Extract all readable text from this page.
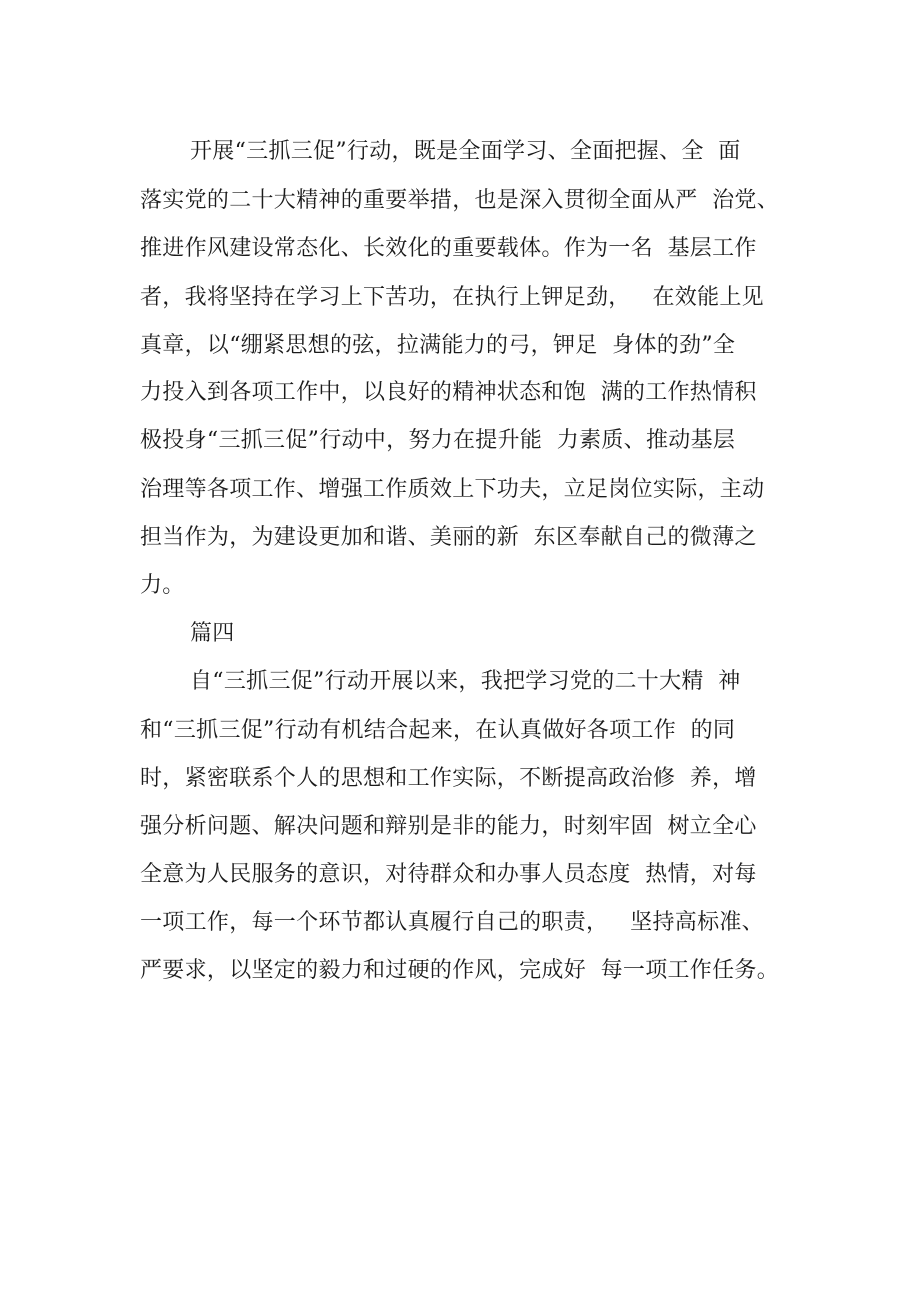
开展“三抓三促”行动，既是全面学习、全面把握、全  面
落实党的二十大精神的重要举措，也是深入贯彻全面从严  治党、
推进作风建设常态化、长效化的重要载体。作为一名  基层工作
者，我将坚持在学习上下苦功，在执行上钾足劲，   在效能上见
真章，以“绷紧思想的弦，拉满能力的弓，钾足  身体的劲”全
力投入到各项工作中，以良好的精神状态和饱  满的工作热情积
极投身“三抓三促”行动中，努力在提升能  力素质、推动基层
治理等各项工作、增强工作质效上下功夫，立足岗位实际，主动
担当作为，为建设更加和谐、美丽的新  东区奉献自己的微薄之
力。
篇四
自“三抓三促”行动开展以来，我把学习党的二十大精  神
和“三抓三促”行动有机结合起来，在认真做好各项工作  的同
时，紧密联系个人的思想和工作实际，不断提高政治修  养，增
强分析问题、解决问题和辩别是非的能力，时刻牢固  树立全心
全意为人民服务的意识，对待群众和办事人员态度  热情，对每
一项工作，每一个环节都认真履行自己的职责，   坚持高标准、
严要求，以坚定的毅力和过硬的作风，完成好  每一项工作任务。
